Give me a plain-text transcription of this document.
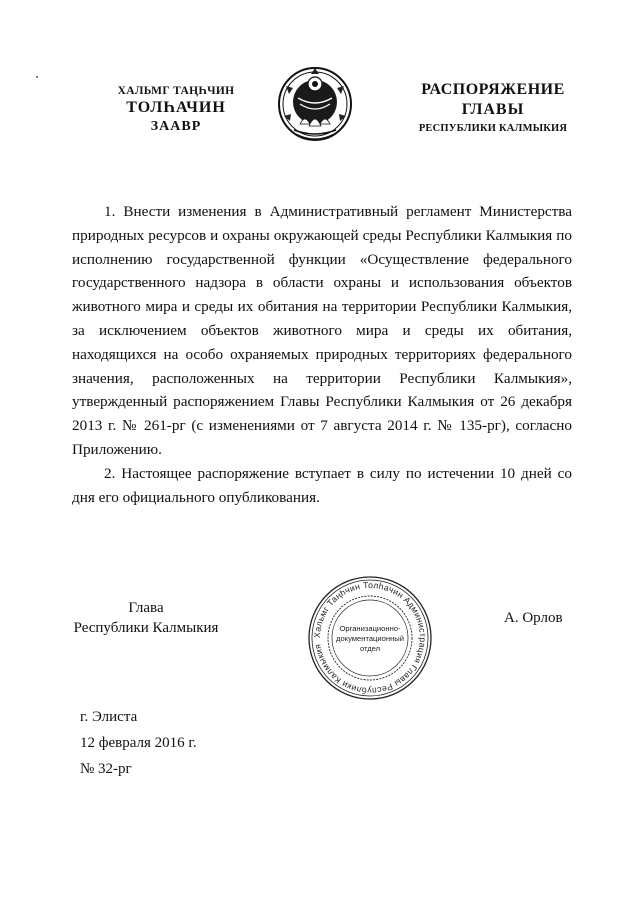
ХАЛЬМГ ТАҢҺЧИН
ТОЛҺАЧИН
ЗААВР
РАСПОРЯЖЕНИЕ
ГЛАВЫ
РЕСПУБЛИКИ КАЛМЫКИЯ

1. Внести изменения в Административный регламент Министерства природных ресурсов и охраны окружающей среды Республики Калмыкия по исполнению государственной функции «Осуществление федерального государственного надзора в области охраны и использования объектов животного мира и среды их обитания на территории Республики Калмыкия, за исключением объектов животного мира и среды их обитания, находящихся на особо охраняемых природных территориях федерального значения, расположенных на территории Республики Калмыкия», утвержденный распоряжением Главы Республики Калмыкия от 26 декабря 2013 г. № 261-рг (с изменениями от 7 августа 2014 г. № 135-рг), согласно Приложению.

2. Настоящее распоряжение вступает в силу по истечении 10 дней со дня его официального опубликования.

Глава
Республики Калмыкия	Хальмг Таңһчин Толһачин Администрация Главы Республики Калмыкия
Организационно-
документационный
отдел
А. Орлов
г. Элиста
12 февраля 2016 г.
№ 32-рг
